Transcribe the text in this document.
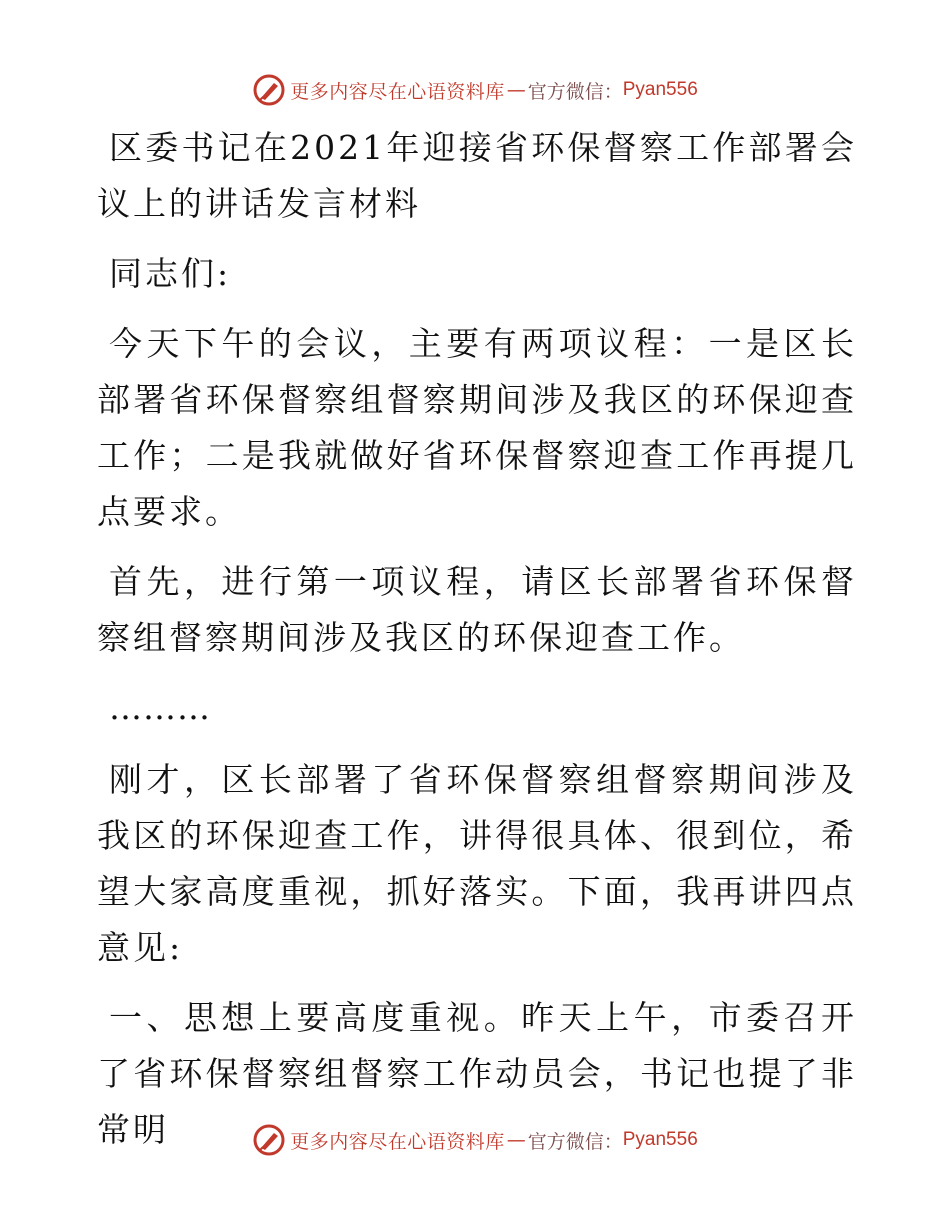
更多内容尽在心语资料库 — 官方微信： Pyan556

区委书记在2021年迎接省环保督察工作部署会议上的讲话发言材料

同志们:

今天下午的会议，主要有两项议程：一是区长部署省环保督察组督察期间涉及我区的环保迎查工作；二是我就做好省环保督察迎查工作再提几点要求。

首先，进行第一项议程，请区长部署省环保督察组督察期间涉及我区的环保迎查工作。

………

刚才，区长部署了省环保督察组督察期间涉及我区的环保迎查工作，讲得很具体、很到位，希望大家高度重视，抓好落实。下面，我再讲四点意见:

一、思想上要高度重视。昨天上午，市委召开了省环保督察组督察工作动员会，书记也提了非常明	更多内容尽在心语资料库 — 官方微信： Pyan556
